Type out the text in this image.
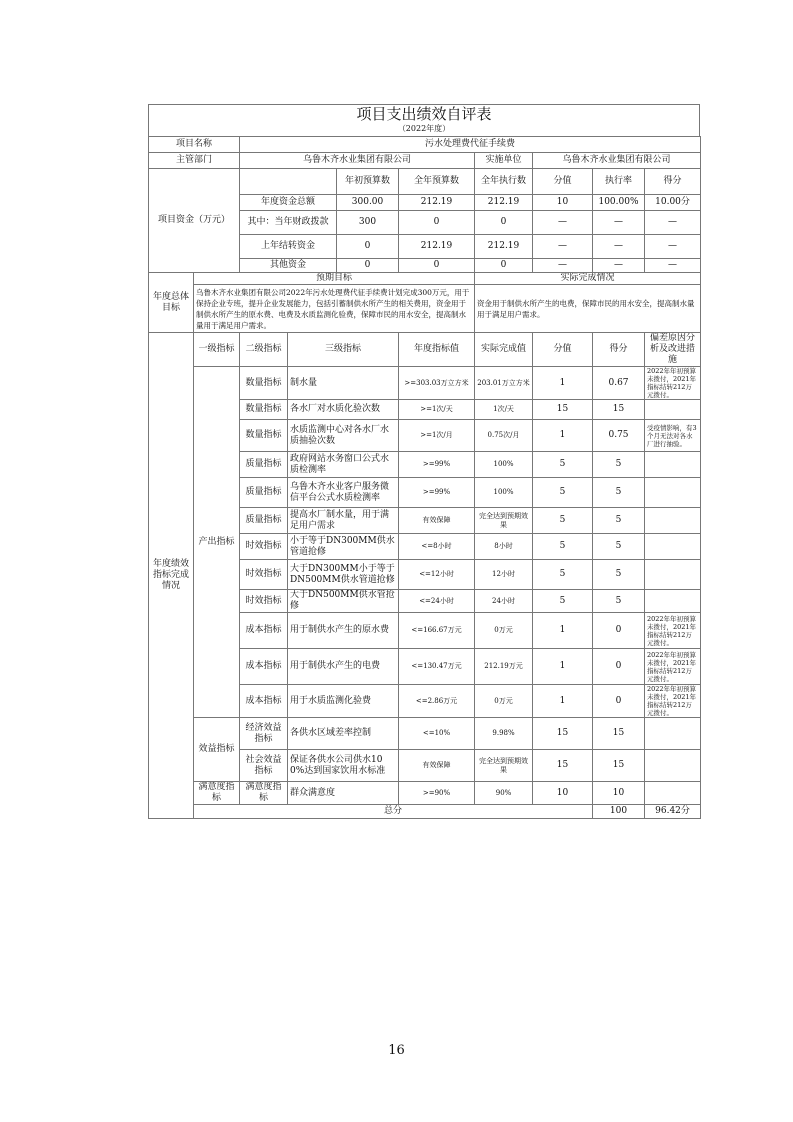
项目支出绩效自评表
（2022年度）
项目名称		污水处理费代征手续费								
主管部门		乌鲁木齐水业集团有限公司				实施单位	乌鲁木齐水业集团有限公司			
项目资金（万元）				年初预算数	全年预算数	全年执行数	分值	执行率	得分	
		年度资金总额		300.00	212.19	212.19	10	100.00%	10.00分	
		其中：当年财政拨款		300	0	0	—	—	—	
		上年结转资金		0	212.19	212.19	—	—	—	
		其他资金		0	0	0	—	—	—	
年度总体目标	预期目标					实际完成情况				
	乌鲁木齐水业集团有限公司2022年污水处理费代征手续费计划完成300万元，用于保持企业专班，提升企业发展能力，包括引蓄制供水所产生的相关费用，资金用于制供水所产生的原水费、电费及水质监测化验费，保障市民的用水安全，提高制水量用于满足用户需求。					资金用于制供水所产生的电费，保障市民的用水安全，提高制水量用于满足用户需求。				
年度绩效指标完成情况	一级指标	二级指标	三级指标		年度指标值	实际完成值	分值	得分	偏差原因分析及改进措施	
	产出指标	数量指标	制水量		>=303.03万立方米	203.01万立方米	1	0.67	2022年年初预算未拨付，2021年指标结转212万元拨付。	
		数量指标	各水厂对水质化验次数		>=1次/天	1次/天	15	15		
		数量指标	水质监测中心对各水厂水质抽验次数		>=1次/月	0.75次/月	1	0.75	受疫情影响，有3个月无法对各水厂进行抽验。	
		质量指标	政府网站水务窗口公式水质检测率		>=99%	100%	5	5		
		质量指标	乌鲁木齐水业客户服务微信平台公式水质检测率		>=99%	100%	5	5		
		质量指标	提高水厂制水量，用于满足用户需求		有效保障	完全达到预期效果	5	5		
		时效指标	小于等于DN300MM供水管道抢修		<=8小时	8小时	5	5		
		时效指标	大于DN300MM小于等于DN500MM供水管道抢修		<=12小时	12小时	5	5		
		时效指标	大于DN500MM供水管抢修		<=24小时	24小时	5	5		
		成本指标	用于制供水产生的原水费		<=166.67万元	0万元	1	0	2022年年初预算未拨付，2021年指标结转212万元拨付。	
		成本指标	用于制供水产生的电费		<=130.47万元	212.19万元	1	0	2022年年初预算未拨付，2021年指标结转212万元拨付。	
		成本指标	用于水质监测化验费		<=2.86万元	0万元	1	0	2022年年初预算未拨付，2021年指标结转212万元拨付。	
	效益指标	经济效益指标	各供水区域差率控制		<=10%	9.98%	15	15		
		社会效益指标	保证各供水公司供水100%达到国家饮用水标准		有效保障	完全达到预期效果	15	15		
	满意度指标	满意度指标	群众满意度		>=90%	90%	10	10		
	总分							100	96.42分	
16
